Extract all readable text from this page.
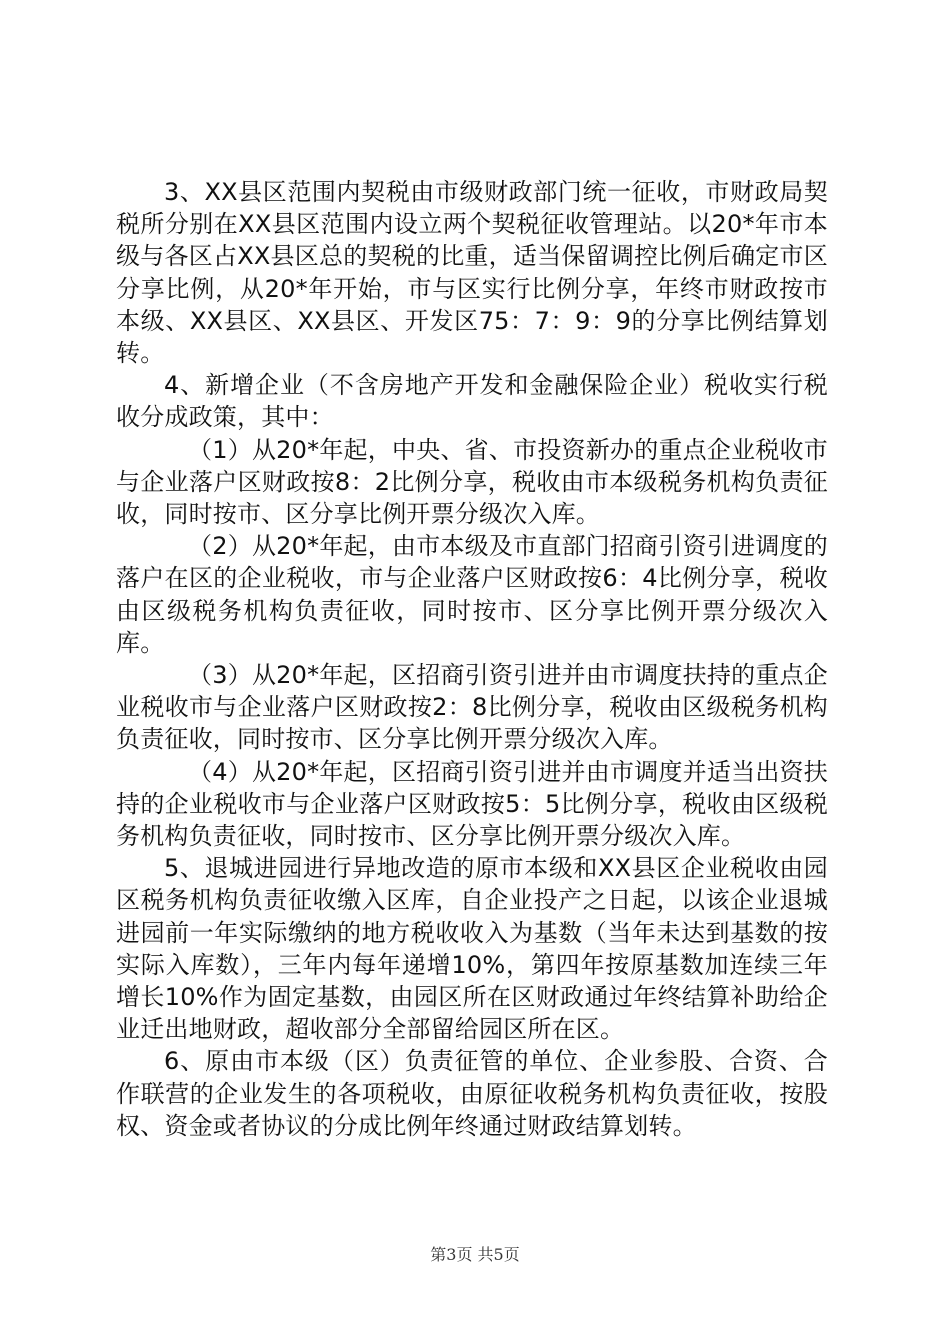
3、XX县区范围内契税由市级财政部门统一征收，市财政局契税所分别在XX县区范围内设立两个契税征收管理站。以20*年市本级与各区占XX县区总的契税的比重，适当保留调控比例后确定市区分享比例，从20*年开始，市与区实行比例分享，年终市财政按市本级、XX县区、XX县区、开发区75：7：9：9的分享比例结算划转。

4、新增企业（不含房地产开发和金融保险企业）税收实行税收分成政策，其中：

（1）从20*年起，中央、省、市投资新办的重点企业税收市与企业落户区财政按8：2比例分享，税收由市本级税务机构负责征收，同时按市、区分享比例开票分级次入库。

（2）从20*年起，由市本级及市直部门招商引资引进调度的落户在区的企业税收，市与企业落户区财政按6：4比例分享，税收由区级税务机构负责征收，同时按市、区分享比例开票分级次入库。

（3）从20*年起，区招商引资引进并由市调度扶持的重点企业税收市与企业落户区财政按2：8比例分享，税收由区级税务机构负责征收，同时按市、区分享比例开票分级次入库。

（4）从20*年起，区招商引资引进并由市调度并适当出资扶持的企业税收市与企业落户区财政按5：5比例分享，税收由区级税务机构负责征收，同时按市、区分享比例开票分级次入库。

5、退城进园进行异地改造的原市本级和XX县区企业税收由园区税务机构负责征收缴入区库，自企业投产之日起，以该企业退城进园前一年实际缴纳的地方税收收入为基数（当年未达到基数的按实际入库数），三年内每年递增10%，第四年按原基数加连续三年增长10%作为固定基数，由园区所在区财政通过年终结算补助给企业迁出地财政，超收部分全部留给园区所在区。

6、原由市本级（区）负责征管的单位、企业参股、合资、合作联营的企业发生的各项税收，由原征收税务机构负责征收，按股权、资金或者协议的分成比例年终通过财政结算划转。

第3页 共5页
